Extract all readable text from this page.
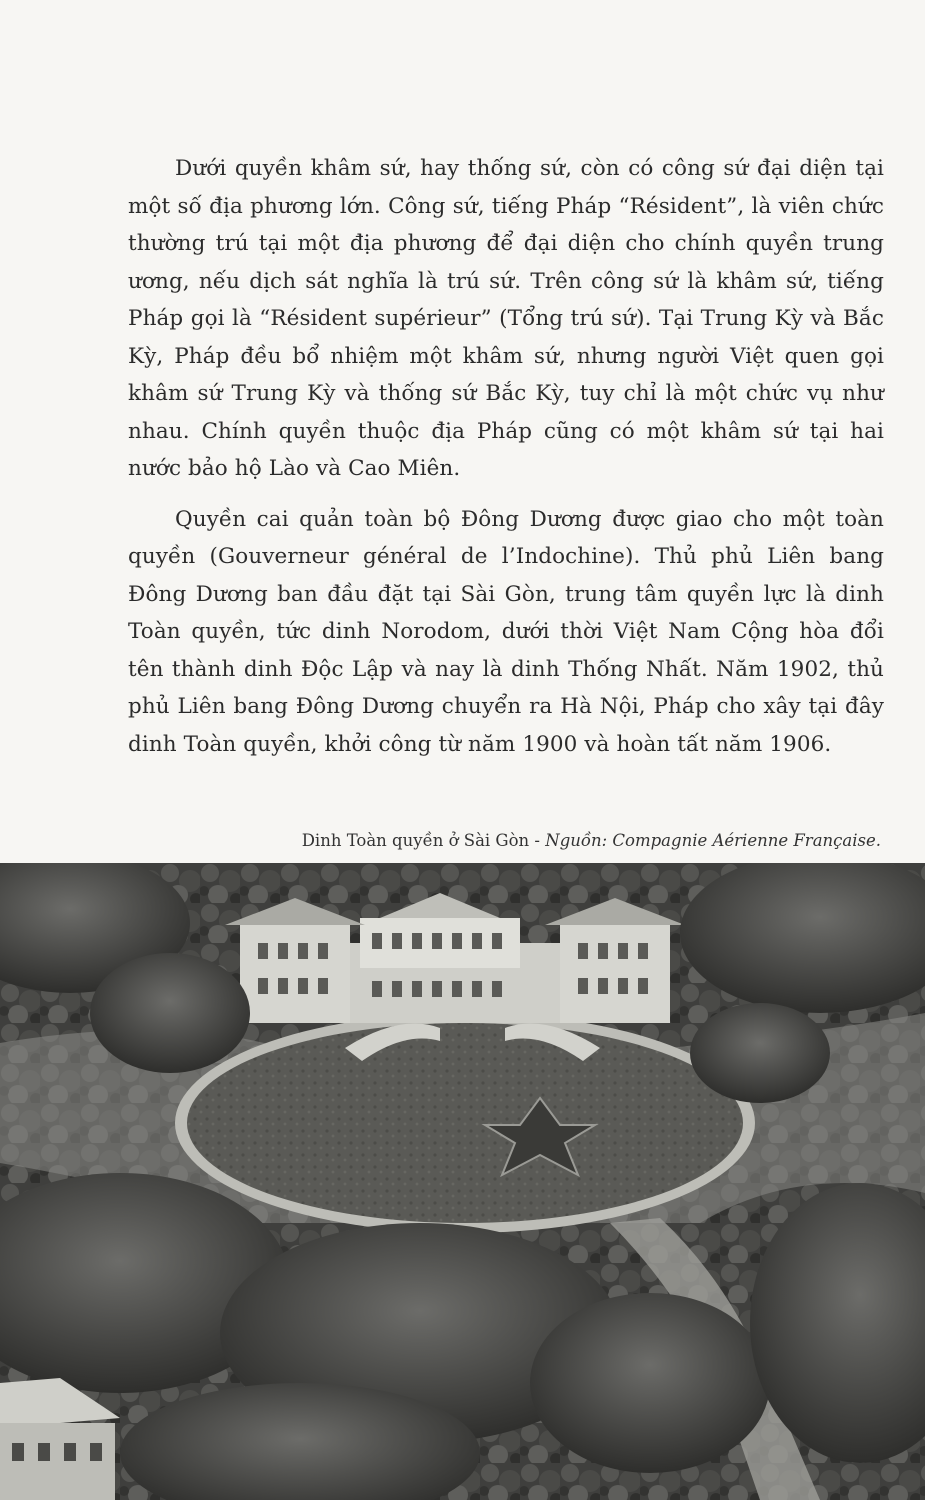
Dưới quyền khâm sứ, hay thống sứ, còn có công sứ đại diện tại một số địa phương lớn. Công sứ, tiếng Pháp “Résident”, là viên chức thường trú tại một địa phương để đại diện cho chính quyền trung ương, nếu dịch sát nghĩa là trú sứ. Trên công sứ là khâm sứ, tiếng Pháp gọi là “Résident supérieur” (Tổng trú sứ). Tại Trung Kỳ và Bắc Kỳ, Pháp đều bổ nhiệm một khâm sứ, nhưng người Việt quen gọi khâm sứ Trung Kỳ và thống sứ Bắc Kỳ, tuy chỉ là một chức vụ như nhau. Chính quyền thuộc địa Pháp cũng có một khâm sứ tại hai nước bảo hộ Lào và Cao Miên.

Quyền cai quản toàn bộ Đông Dương được giao cho một toàn quyền (Gouverneur général de l’Indochine). Thủ phủ Liên bang Đông Dương ban đầu đặt tại Sài Gòn, trung tâm quyền lực là dinh Toàn quyền, tức dinh Norodom, dưới thời Việt Nam Cộng hòa đổi tên thành dinh Độc Lập và nay là dinh Thống Nhất. Năm 1902, thủ phủ Liên bang Đông Dương chuyển ra Hà Nội, Pháp cho xây tại đây dinh Toàn quyền, khởi công từ năm 1900 và hoàn tất năm 1906.

Dinh Toàn quyền ở Sài Gòn - Nguồn: Compagnie Aérienne Française.
